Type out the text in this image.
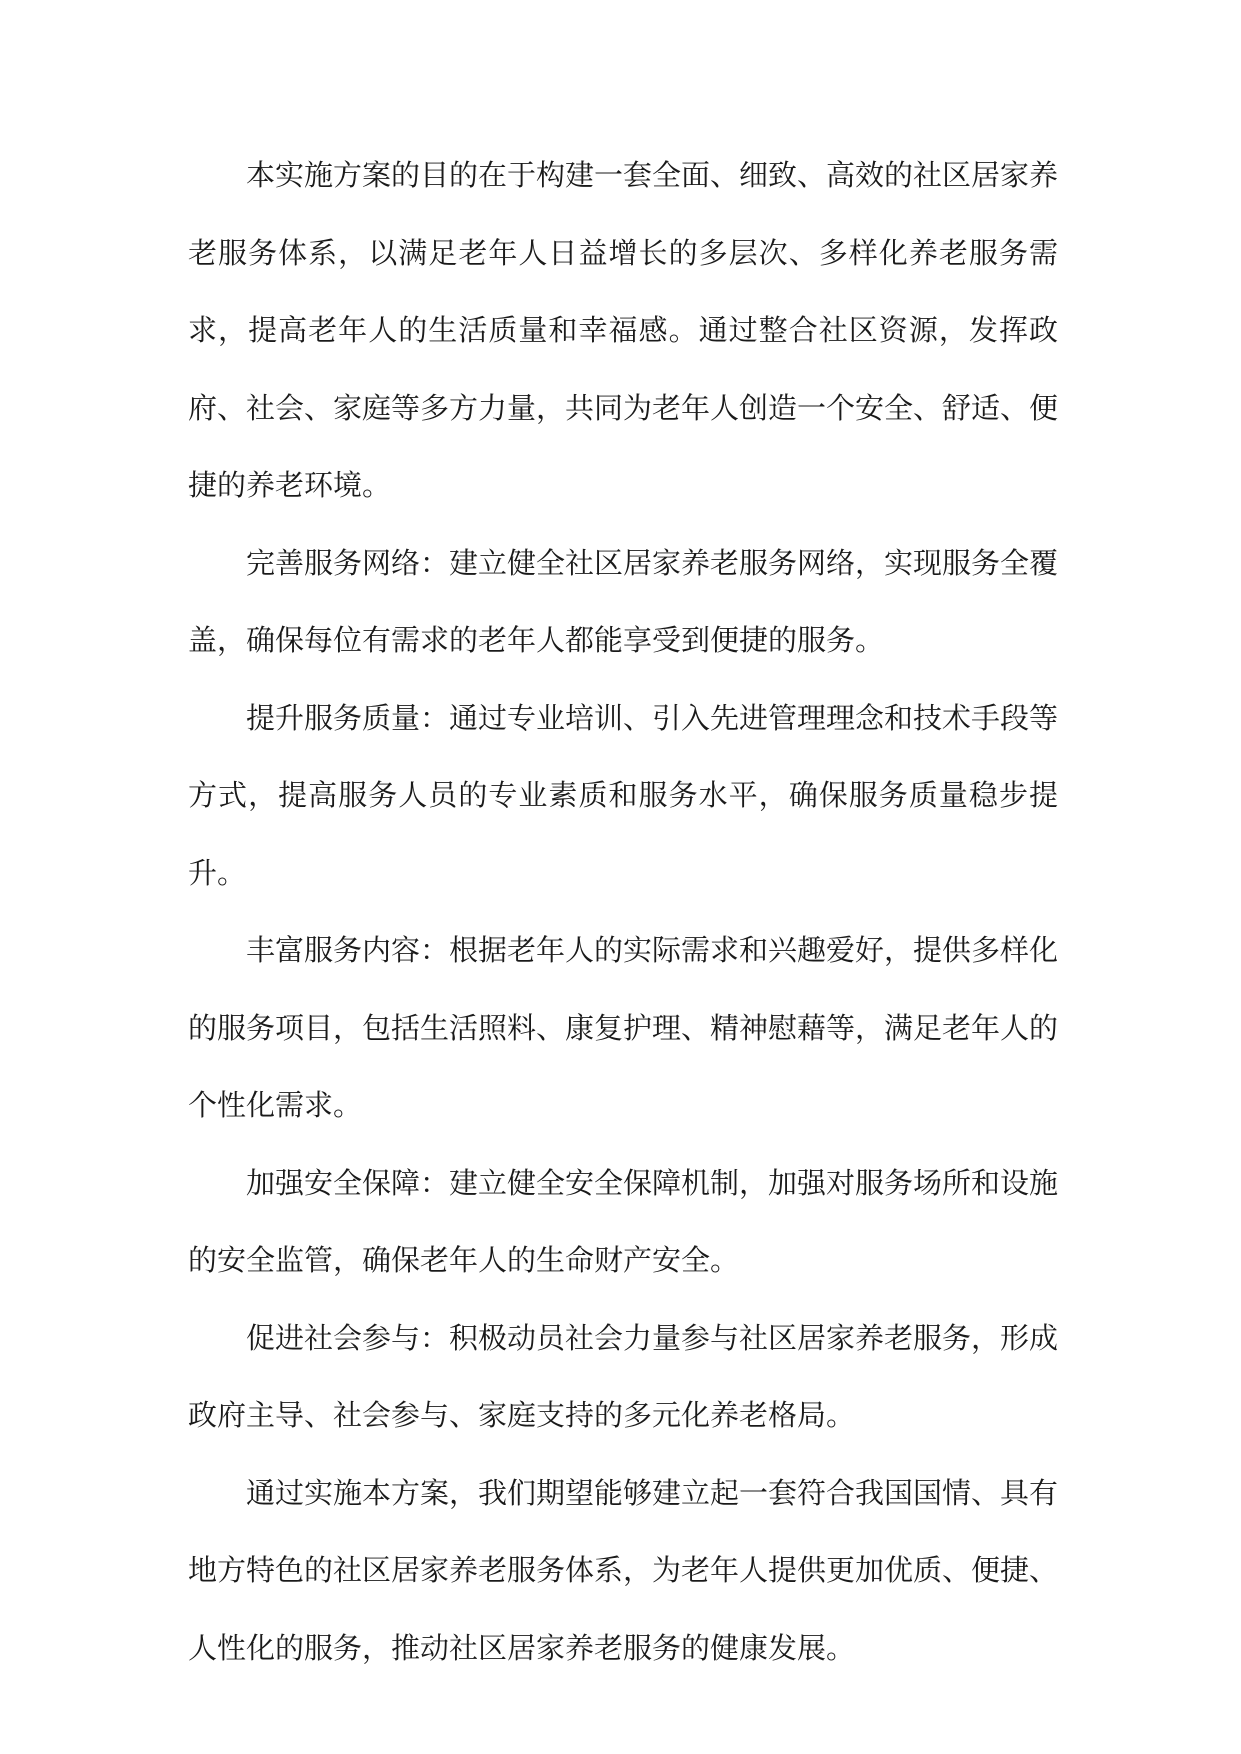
本实施方案的目的在于构建一套全面、细致、高效的社区居家养老服务体系，以满足老年人日益增长的多层次、多样化养老服务需求，提高老年人的生活质量和幸福感。通过整合社区资源，发挥政府、社会、家庭等多方力量，共同为老年人创造一个安全、舒适、便捷的养老环境。

完善服务网络：建立健全社区居家养老服务网络，实现服务全覆盖，确保每位有需求的老年人都能享受到便捷的服务。

提升服务质量：通过专业培训、引入先进管理理念和技术手段等方式，提高服务人员的专业素质和服务水平，确保服务质量稳步提升。

丰富服务内容：根据老年人的实际需求和兴趣爱好，提供多样化的服务项目，包括生活照料、康复护理、精神慰藉等，满足老年人的个性化需求。

加强安全保障：建立健全安全保障机制，加强对服务场所和设施的安全监管，确保老年人的生命财产安全。

促进社会参与：积极动员社会力量参与社区居家养老服务，形成政府主导、社会参与、家庭支持的多元化养老格局。

通过实施本方案，我们期望能够建立起一套符合我国国情、具有地方特色的社区居家养老服务体系，为老年人提供更加优质、便捷、人性化的服务，推动社区居家养老服务的健康发展。
